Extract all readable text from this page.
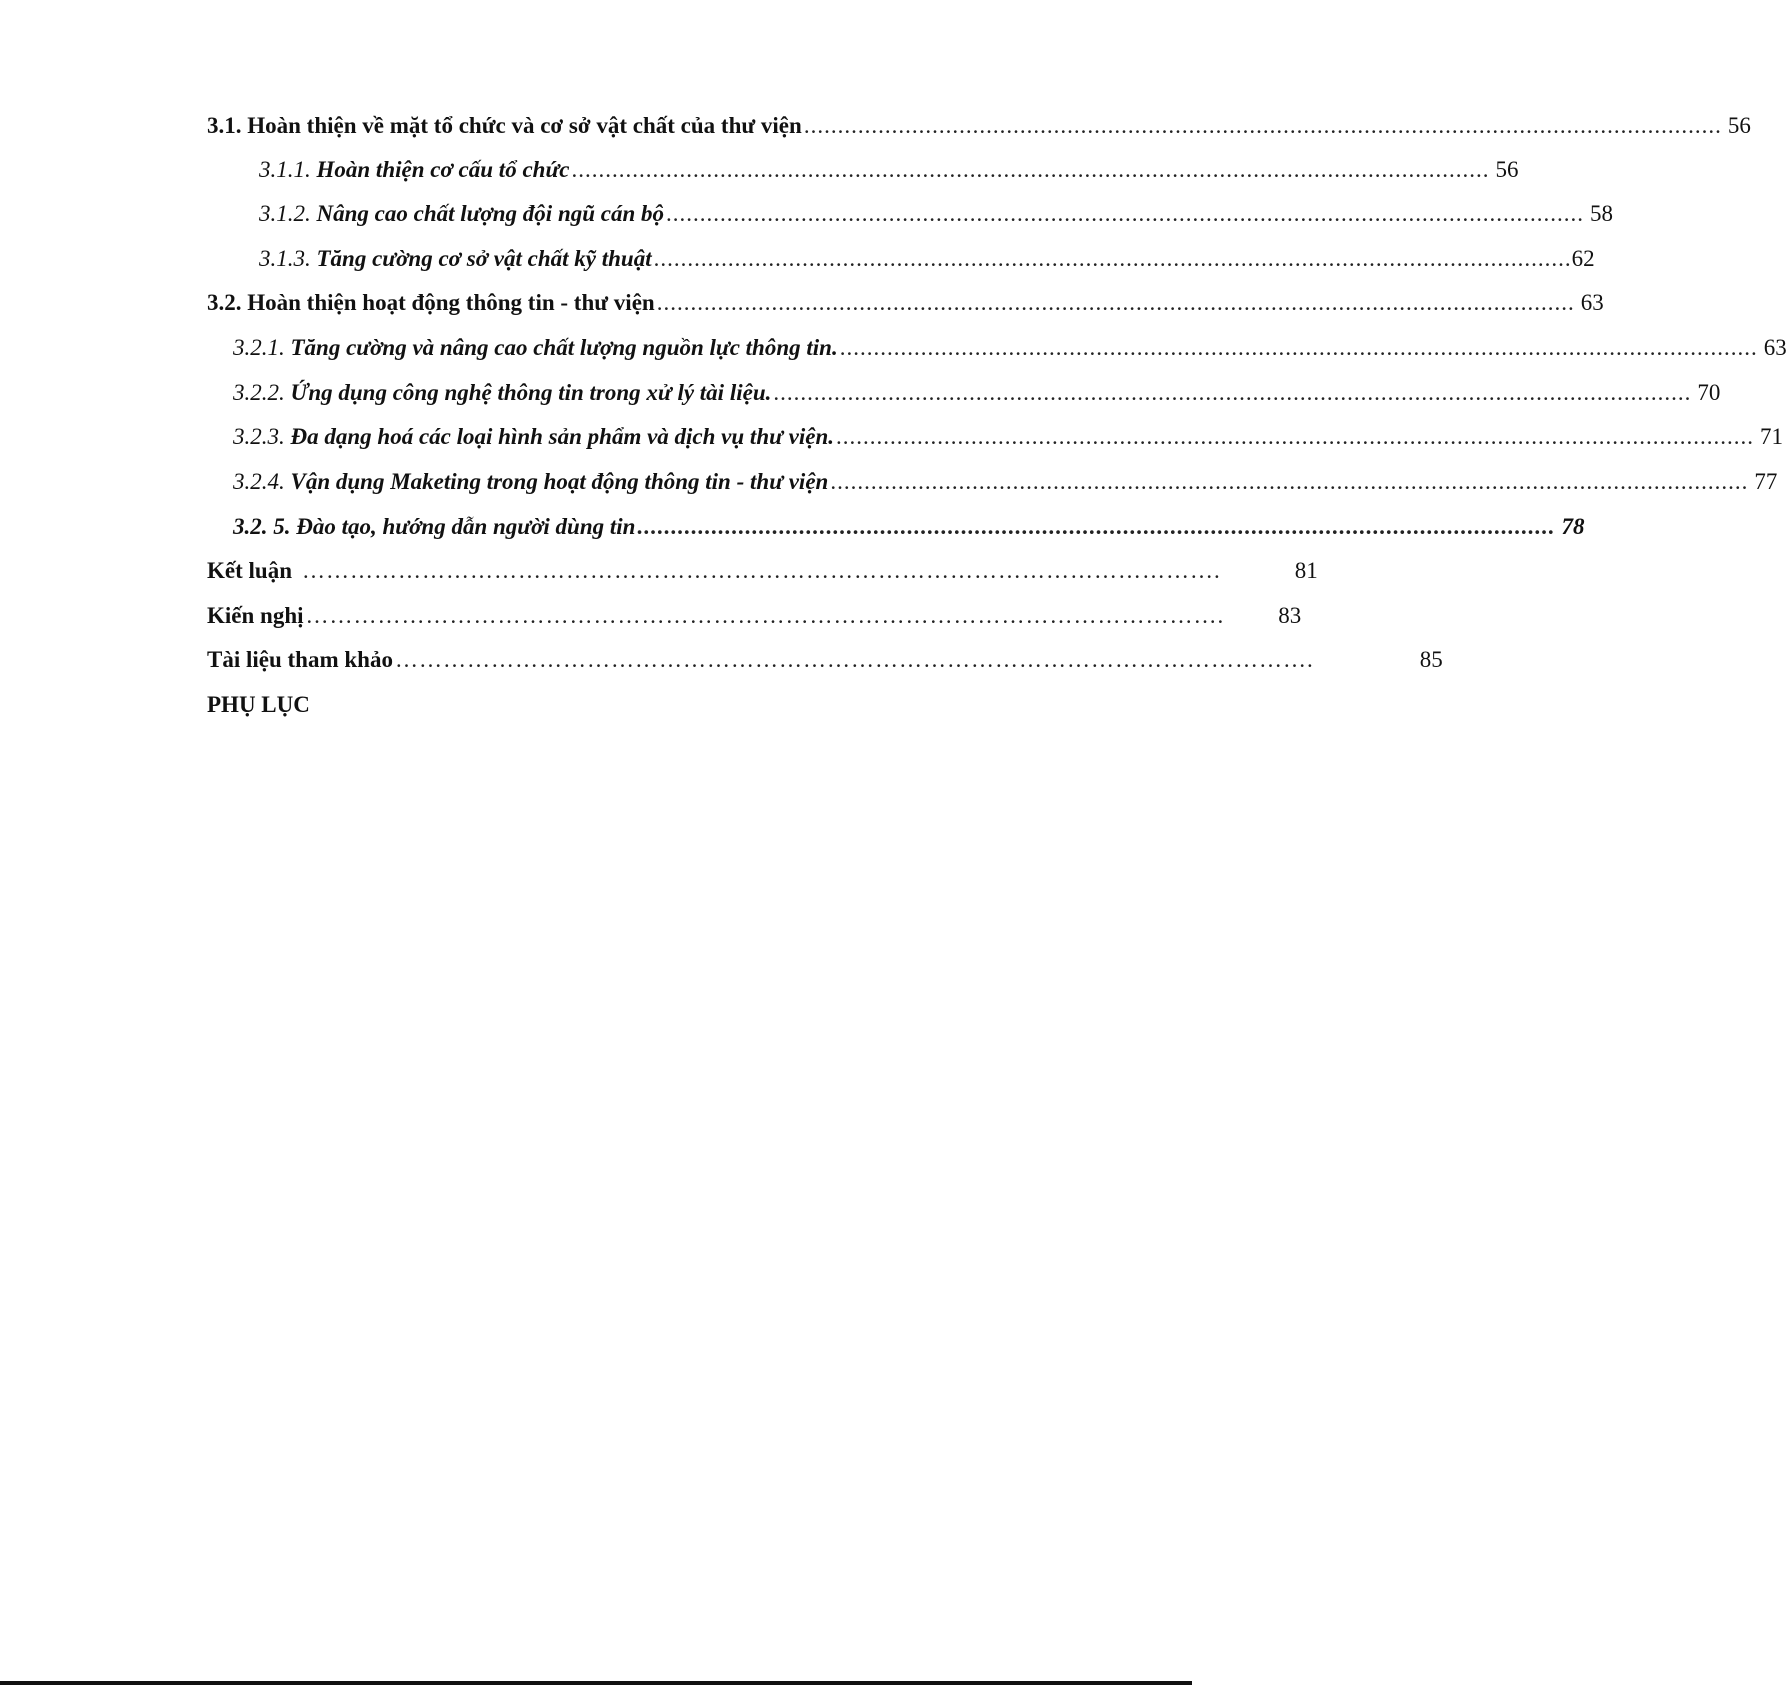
3.1. Hoàn thiện về mặt tổ chức và cơ sở vật chất của thư viện ........................................................................................................................................ 56
3.1.1. Hoàn thiện cơ cấu tổ chức ........................................................................................................................................ 56
3.1.2. Nâng cao chất lượng đội ngũ cán bộ ........................................................................................................................................ 58
3.1.3. Tăng cường cơ sở vật chất kỹ thuật ........................................................................................................................................ 62
3.2. Hoàn thiện hoạt động thông tin - thư viện ........................................................................................................................................ 63
3.2.1. Tăng cường và nâng cao chất lượng nguồn lực thông tin. ........................................................................................................................................ 63
3.2.2. Ứng dụng công nghệ thông tin trong xử lý tài liệu. ........................................................................................................................................ 70
3.2.3. Đa dạng hoá các loại hình sản phẩm và dịch vụ thư viện. ........................................................................................................................................ 71
3.2.4. Vận dụng Maketing trong hoạt động thông tin - thư viện ........................................................................................................................................ 77
3.2. 5. Đào tạo, hướng dẫn người dùng tin ........................................................................................................................................ 78
Kết luận …………………………………………………………………………………………………….	81
Kiến nghị ……………………………………………………………………………………………………. 83
Tài liệu tham khảo …………………………………………………………………………………………………….	85
PHỤ LỤC
